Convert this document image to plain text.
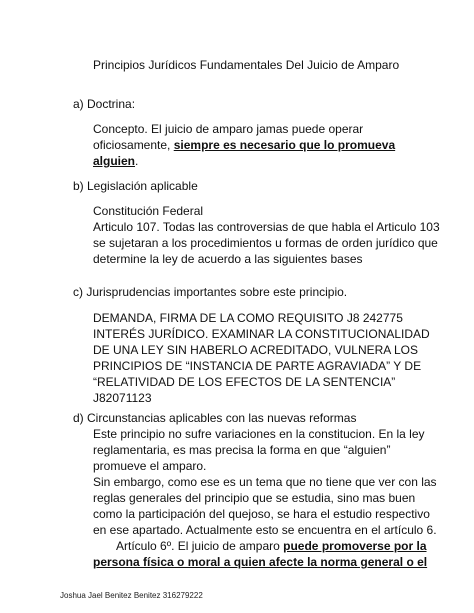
Principios Jurídicos Fundamentales Del Juicio de Amparo
a) Doctrina:
Concepto. El juicio de amparo jamas puede operar
oficiosamente, siempre es necesario que lo promueva
alguien.
b) Legislación aplicable
Constitución Federal
Articulo 107. Todas las controversias de que habla el Articulo 103
se sujetaran a los procedimientos u formas de orden jurídico que
determine la ley de acuerdo a las siguientes bases
c) Jurisprudencias importantes sobre este principio.
DEMANDA, FIRMA DE LA COMO REQUISITO J8 242775
INTERÉS JURÍDICO. EXAMINAR LA CONSTITUCIONALIDAD
DE UNA LEY SIN HABERLO ACREDITADO, VULNERA LOS
PRINCIPIOS DE “INSTANCIA DE PARTE AGRAVIADA” Y DE
“RELATIVIDAD DE LOS EFECTOS DE LA SENTENCIA”
J82071123
d) Circunstancias aplicables con las nuevas reformas
Este principio no sufre variaciones en la constitucion. En la ley
reglamentaria, es mas precisa la forma en que “alguien”
promueve el amparo.
Sin embargo, como ese es un tema que no tiene que ver con las
reglas generales del principio que se estudia, sino mas buen
como la participación del quejoso, se hara el estudio respectivo
en ese apartado. Actualmente esto se encuentra en el artículo 6.
Artículo 6º. El juicio de amparo puede promoverse por la
persona física o moral a quien afecte la norma general o el
Joshua Jael Benitez Benitez 316279222
